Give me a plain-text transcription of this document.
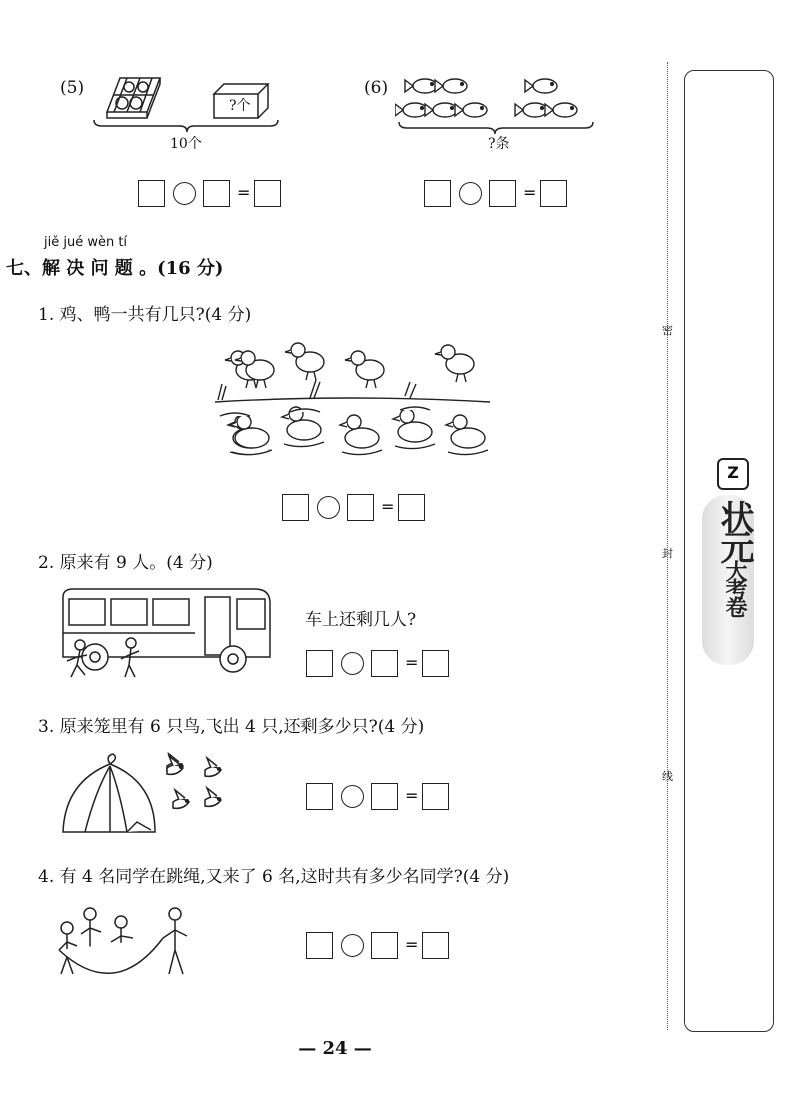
密
封
线
Z
状元大考卷
(5)
?个
10个
=
(6)
?条
=
jiě jué wèn tí
七、解 决 问 题 。(16 分)
1. 鸡、鸭一共有几只?(4 分)
=
2. 原来有 9 人。(4 分)
车上还剩几人?
=
3. 原来笼里有 6 只鸟,飞出 4 只,还剩多少只?(4 分)
=
4. 有 4 名同学在跳绳,又来了 6 名,这时共有多少名同学?(4 分)
=
— 24 —
